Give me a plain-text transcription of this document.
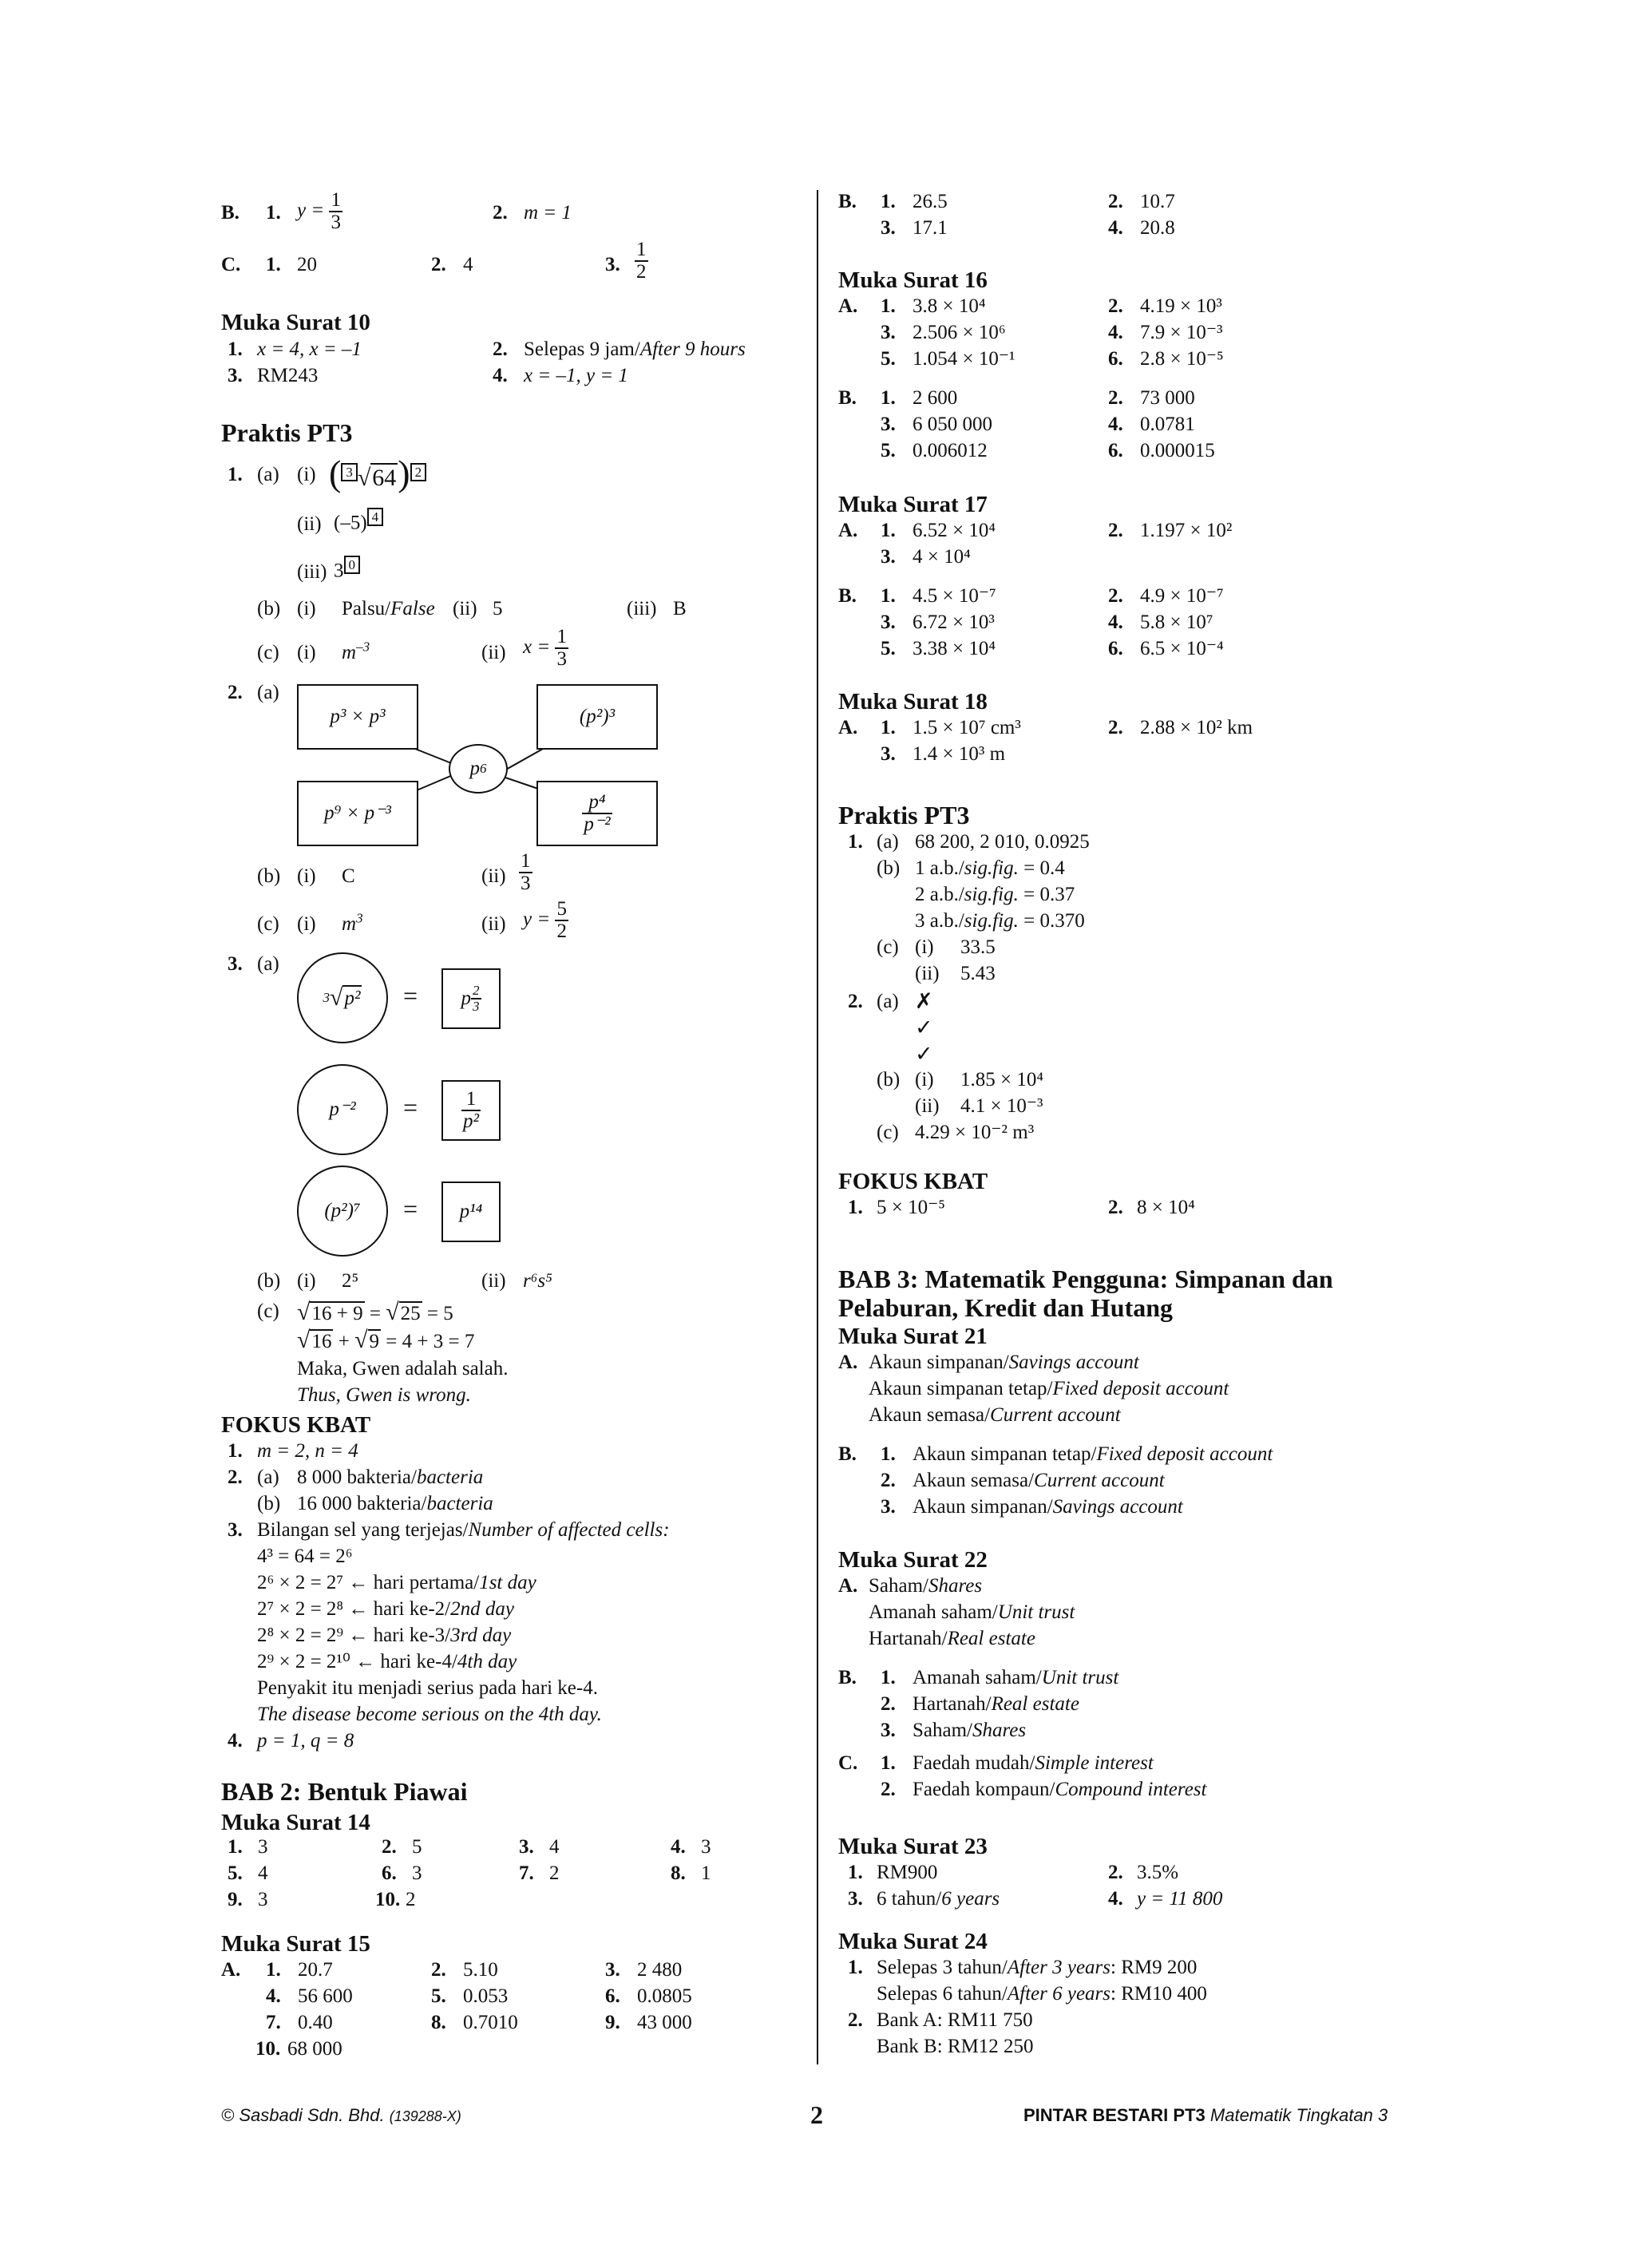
B. 1. $y = \frac{1}{3}$	2. m = 1
C. 1. 20	2. 4	3. $\frac{1}{2}$
Muka Surat 10
1. x = 4, x = –1	2. Selepas 9 jam/After 9 hours
3. RM243	4. x = –1, y = 1
Praktis PT3
1. (a) (i) ( 3 √64) 2
(ii) (–5) 4
(iii) 3 0
(b) (i) Palsu/False (ii) 5	(iii) B
(c) (i) $m^{-3}$	(ii) $x = \frac{1}{3}$
2. (a)
p³ × p³	(p²)³
p 6
p⁹ × p⁻³	$\frac{\text{p⁴}}{\text{p⁻²}}$
(b) (i) C	$(ii) \frac{1}{3}$
(c) (i) $m^3$	(ii) $y = \frac{5}{2}$
3. (a)
3 √ p² = p $\frac{2}{3}$
p⁻²	= $\frac{1}{\text{p²}}$
(p²)⁷	=	p¹⁴
(b) (i) 2⁵	(ii) r⁶s⁵
(c) √16 + 9 = √25 = 5
√16 + √9 = 4 + 3 = 7
Maka, Gwen adalah salah.
Thus, Gwen is wrong.
FOKUS KBAT
1. m = 2, n = 4
2. (a) 8 000 bakteria/bacteria
(b) 16 000 bakteria/bacteria
3. Bilangan sel yang terjejas/Number of affected cells:
4³ = 64 = 2⁶
2⁶ × 2 = 2⁷ ← hari pertama/1st day
2⁷ × 2 = 2⁸ ← hari ke-2/2nd day
2⁸ × 2 = 2⁹ ← hari ke-3/3rd day
2⁹ × 2 = 2¹⁰ ← hari ke-4/4th day
Penyakit itu menjadi serius pada hari ke-4.
The disease become serious on the 4th day.
4. p = 1, q = 8
BAB 2: Bentuk Piawai
Muka Surat 14
1. 3	2. 5	3. 4	4. 3
5. 4	6. 3	7. 2	8. 1
9. 3	10. 2
Muka Surat 15
A. 1. 20.7	2. 5.10	3. 2 480
4. 56 600	5. 0.053	6. 0.0805
7. 0.40	8. 0.7010	9. 43 000
10. 68 000
B. 1. 26.5	2. 10.7
3. 17.1	4. 20.8
Muka Surat 16
A. 1. 3.8 × 10⁴	2. 4.19 × 10³
3. 2.506 × 10⁶	4. 7.9 × 10⁻³
5. 1.054 × 10⁻¹	6. 2.8 × 10⁻⁵
B. 1. 2 600	2. 73 000
3. 6 050 000	4. 0.0781
5. 0.006012	6. 0.000015
Muka Surat 17
A. 1. 6.52 × 10⁴	2. 1.197 × 10²
3. 4 × 10⁴
B. 1. 4.5 × 10⁻⁷	2. 4.9 × 10⁻⁷
3. 6.72 × 10³	4. 5.8 × 10⁷
5. 3.38 × 10⁴	6. 6.5 × 10⁻⁴
Muka Surat 18
A. 1. 1.5 × 10⁷ cm³	2. 2.88 × 10² km
3. 1.4 × 10³ m
Praktis PT3
1. (a) 68 200, 2 010, 0.0925
(b) 1 a.b./sig.fig. = 0.4
2 a.b./sig.fig. = 0.37
3 a.b./sig.fig. = 0.370
(c) (i) 33.5
(ii) 5.43
2. (a) ✗
✓
✓
(b) (i) 1.85 × 10⁴
(ii) 4.1 × 10⁻³
(c) 4.29 × 10⁻² m³
FOKUS KBAT
1. 5 × 10⁻⁵	2. 8 × 10⁴
BAB 3: Matematik Pengguna: Simpanan dan
Pelaburan, Kredit dan Hutang
Muka Surat 21
A. Akaun simpanan/Savings account
Akaun simpanan tetap/Fixed deposit account
Akaun semasa/Current account
B. 1. Akaun simpanan tetap/Fixed deposit account
2. Akaun semasa/Current account
3. Akaun simpanan/Savings account
Muka Surat 22
A. Saham/Shares
Amanah saham/Unit trust
Hartanah/Real estate
B. 1. Amanah saham/Unit trust
2. Hartanah/Real estate
3. Saham/Shares
C. 1. Faedah mudah/Simple interest
2. Faedah kompaun/Compound interest
Muka Surat 23
1. RM900	2. 3.5%
3. 6 tahun/6 years	4. y = 11 800
Muka Surat 24
1. Selepas 3 tahun/After 3 years: RM9 200
Selepas 6 tahun/After 6 years: RM10 400
2. Bank A: RM11 750
Bank B: RM12 250
© Sasbadi Sdn. Bhd. (139288-X)	2	PINTAR BESTARI PT3 Matematik Tingkatan 3
